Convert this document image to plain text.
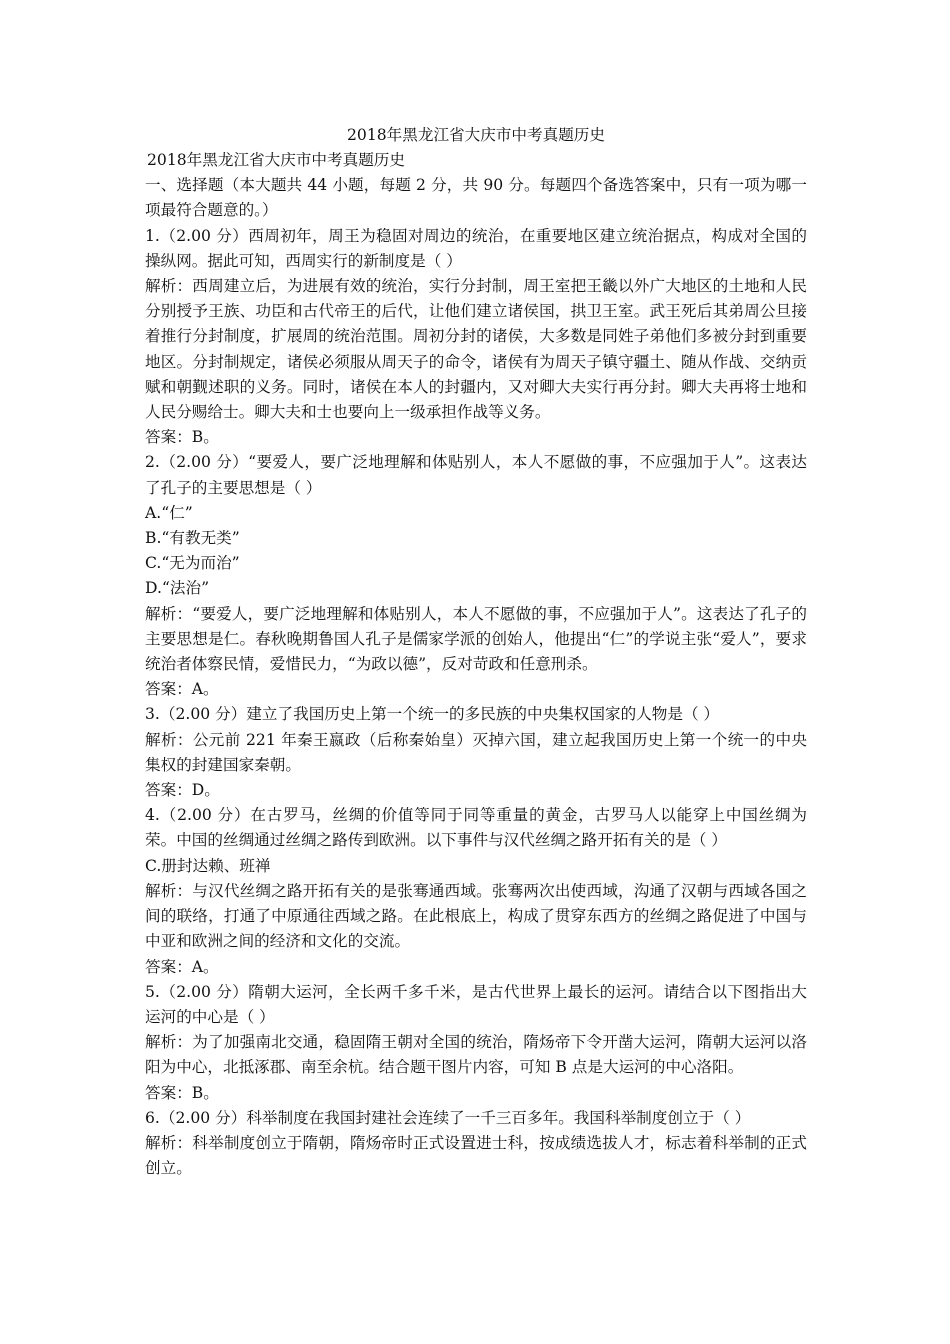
2018年黑龙江省大庆市中考真题历史

2018年黑龙江省大庆市中考真题历史

一、选择题（本大题共 44 小题，每题 2 分，共 90 分。每题四个备选答案中，只有一项为哪一项最符合题意的。）

1.（2.00 分）西周初年，周王为稳固对周边的统治，在重要地区建立统治据点，构成对全国的操纵网。据此可知，西周实行的新制度是（ ）

解析：西周建立后，为进展有效的统治，实行分封制，周王室把王畿以外广大地区的土地和人民分别授予王族、功臣和古代帝王的后代，让他们建立诸侯国，拱卫王室。武王死后其弟周公旦接着推行分封制度，扩展周的统治范围。周初分封的诸侯，大多数是同姓子弟他们多被分封到重要地区。分封制规定，诸侯必须服从周天子的命令，诸侯有为周天子镇守疆土、随从作战、交纳贡赋和朝觐述职的义务。同时，诸侯在本人的封疆内，又对卿大夫实行再分封。卿大夫再将士地和人民分赐给士。卿大夫和士也要向上一级承担作战等义务。

答案：B。

2.（2.00 分）“要爱人，要广泛地理解和体贴别人，本人不愿做的事，不应强加于人”。这表达了孔子的主要思想是（ ）

A.“仁”

B.“有教无类”

C.“无为而治”

D.“法治”

解析：“要爱人，要广泛地理解和体贴别人，本人不愿做的事，不应强加于人”。这表达了孔子的主要思想是仁。春秋晚期鲁国人孔子是儒家学派的创始人，他提出“仁”的学说主张“爱人”，要求统治者体察民情，爱惜民力，“为政以德”，反对苛政和任意刑杀。

答案：A。

3.（2.00 分）建立了我国历史上第一个统一的多民族的中央集权国家的人物是（ ）

解析：公元前 221 年秦王嬴政（后称秦始皇）灭掉六国，建立起我国历史上第一个统一的中央集权的封建国家秦朝。

答案：D。

4.（2.00 分）在古罗马，丝绸的价值等同于同等重量的黄金，古罗马人以能穿上中国丝绸为荣。中国的丝绸通过丝绸之路传到欧洲。以下事件与汉代丝绸之路开拓有关的是（ ）

C.册封达赖、班禅

解析：与汉代丝绸之路开拓有关的是张骞通西域。张骞两次出使西域，沟通了汉朝与西域各国之间的联络，打通了中原通往西域之路。在此根底上，构成了贯穿东西方的丝绸之路促进了中国与中亚和欧洲之间的经济和文化的交流。

答案：A。

5.（2.00 分）隋朝大运河，全长两千多千米，是古代世界上最长的运河。请结合以下图指出大运河的中心是（ ）

解析：为了加强南北交通，稳固隋王朝对全国的统治，隋炀帝下令开凿大运河，隋朝大运河以洛阳为中心，北抵涿郡、南至余杭。结合题干图片内容，可知 B 点是大运河的中心洛阳。

答案：B。

6.（2.00 分）科举制度在我国封建社会连续了一千三百多年。我国科举制度创立于（ ）

解析：科举制度创立于隋朝，隋炀帝时正式设置进士科，按成绩选拔人才，标志着科举制的正式创立。
